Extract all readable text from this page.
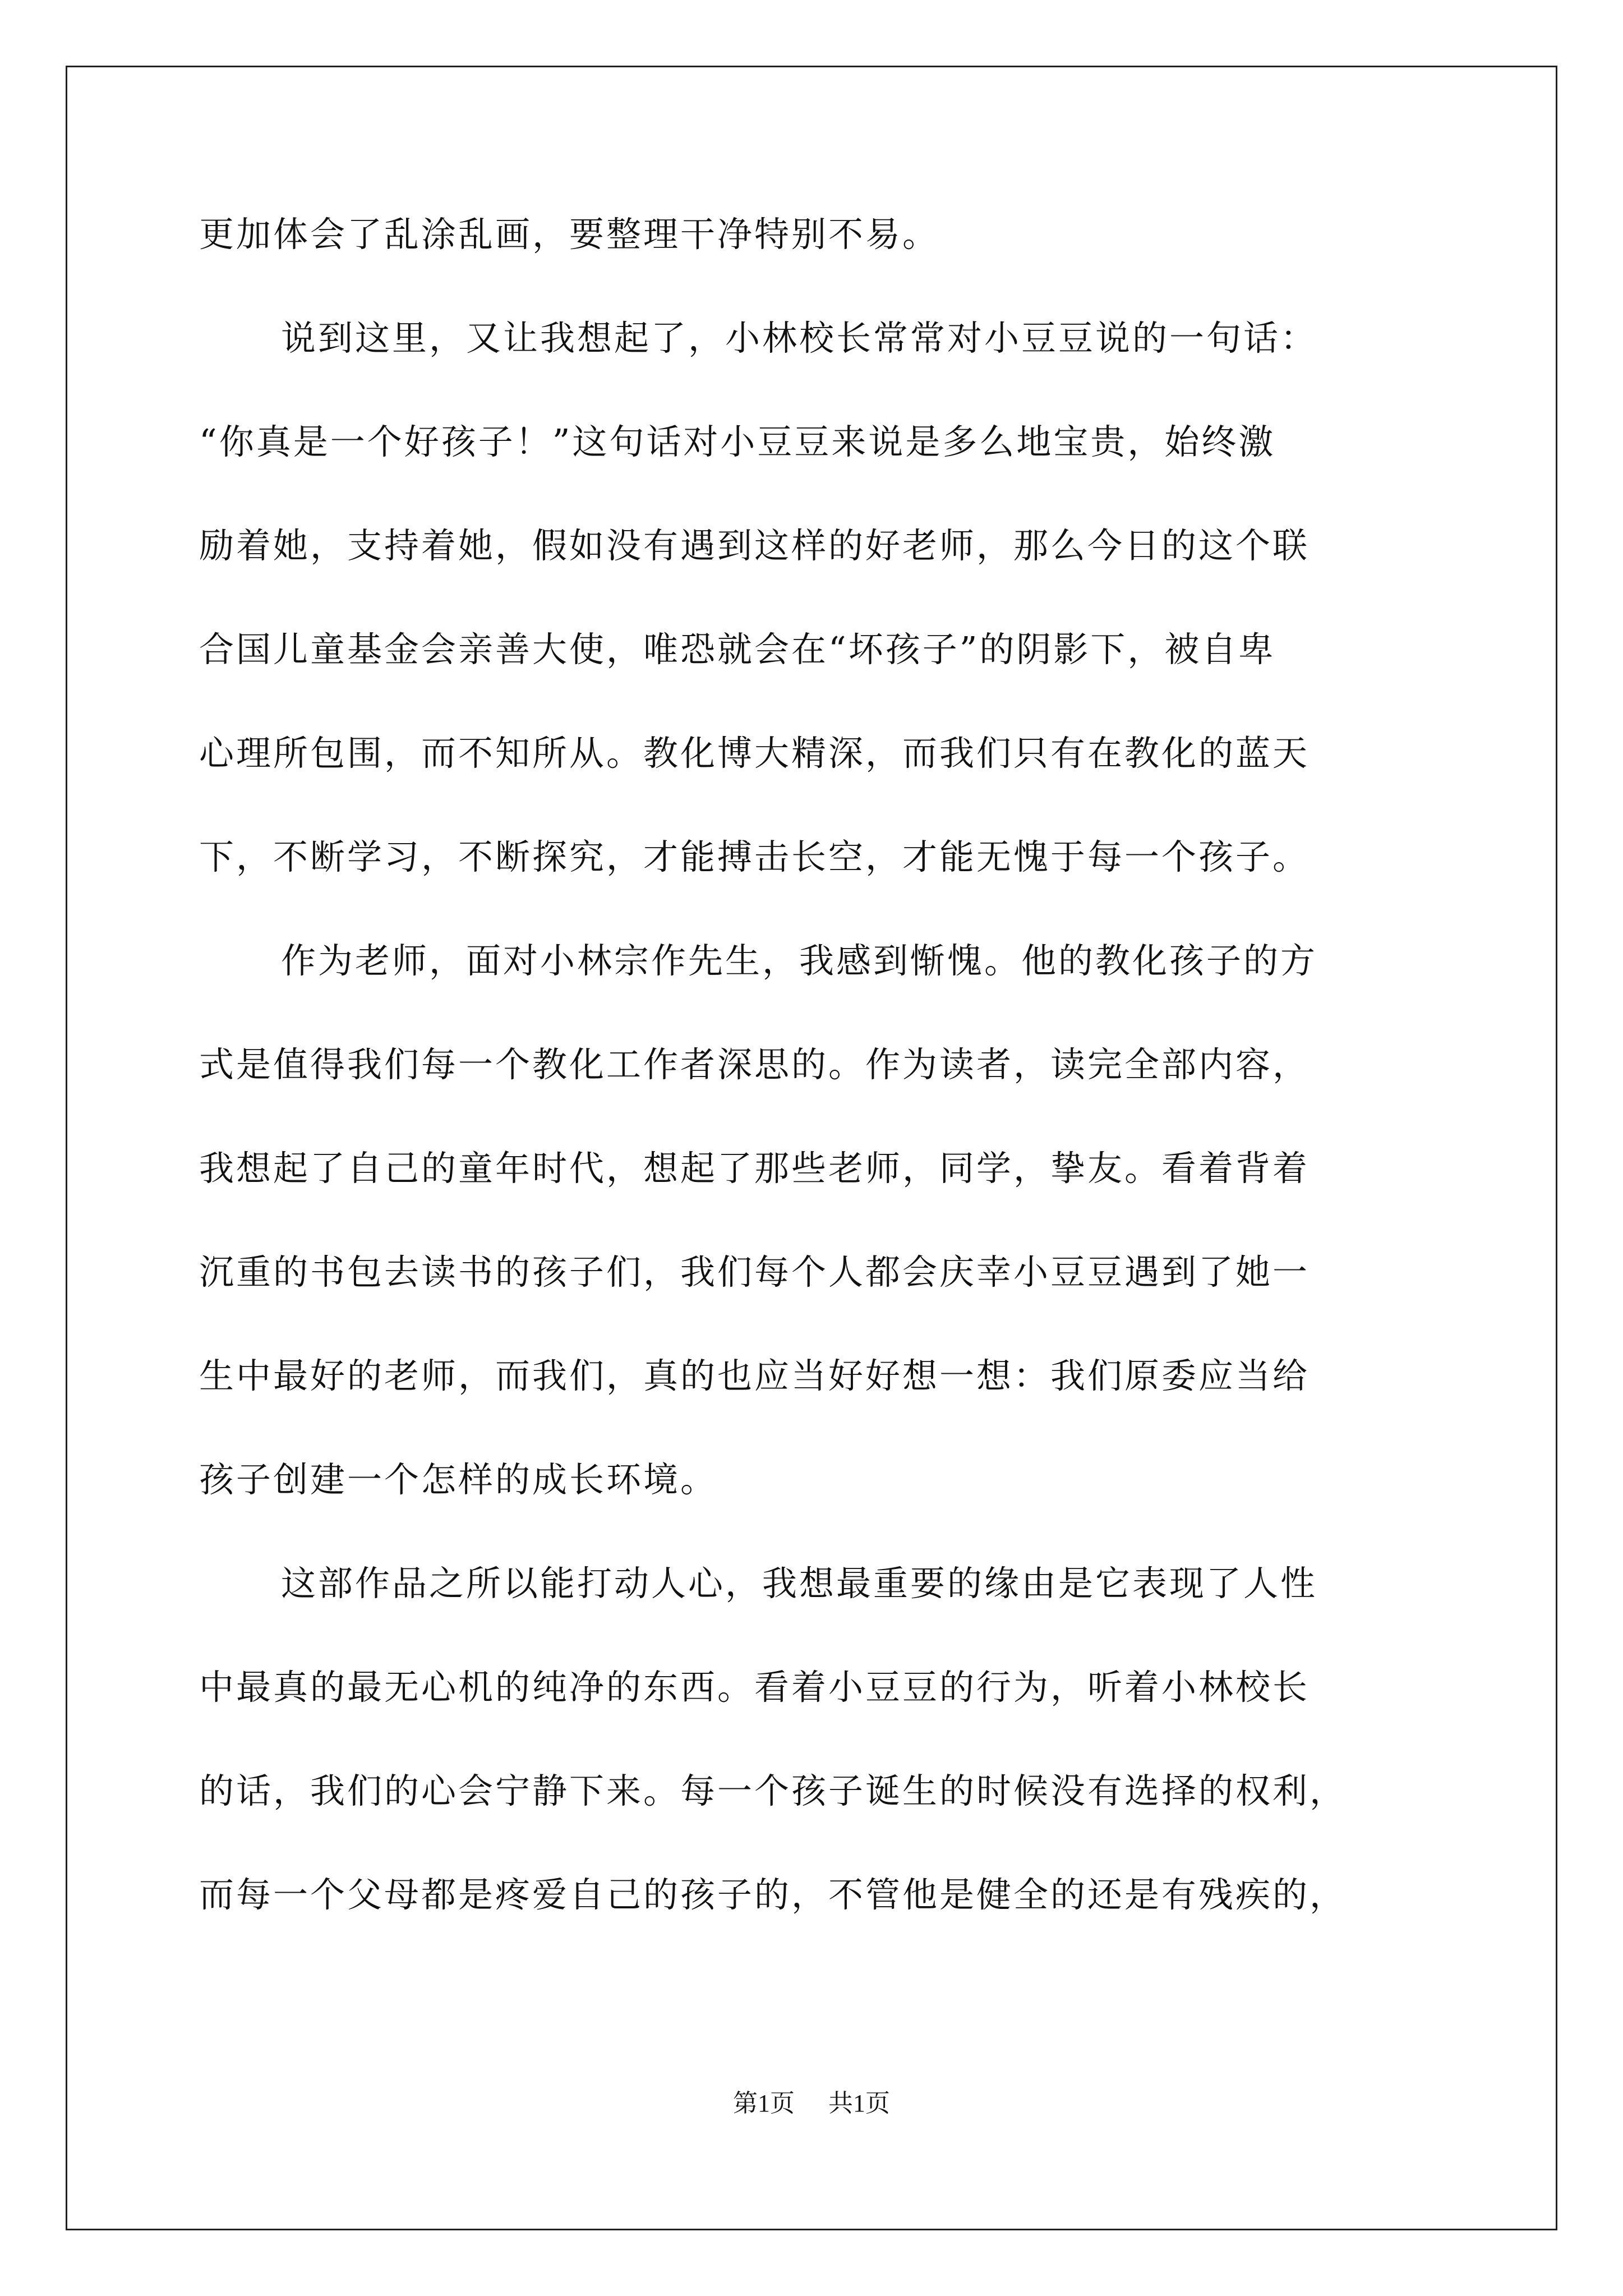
更加体会了乱涂乱画，要整理干净特别不易。
说到这里，又让我想起了，小林校长常常对小豆豆说的一句话：
“你真是一个好孩子！”这句话对小豆豆来说是多么地宝贵，始终激
励着她，支持着她，假如没有遇到这样的好老师，那么今日的这个联
合国儿童基金会亲善大使，唯恐就会在“坏孩子”的阴影下，被自卑
心理所包围，而不知所从。教化博大精深，而我们只有在教化的蓝天
下，不断学习，不断探究，才能搏击长空，才能无愧于每一个孩子。
作为老师，面对小林宗作先生，我感到惭愧。他的教化孩子的方
式是值得我们每一个教化工作者深思的。作为读者，读完全部内容，
我想起了自己的童年时代，想起了那些老师，同学，挚友。看着背着
沉重的书包去读书的孩子们，我们每个人都会庆幸小豆豆遇到了她一
生中最好的老师，而我们，真的也应当好好想一想：我们原委应当给
孩子创建一个怎样的成长环境。
这部作品之所以能打动人心，我想最重要的缘由是它表现了人性
中最真的最无心机的纯净的东西。看着小豆豆的行为，听着小林校长
的话，我们的心会宁静下来。每一个孩子诞生的时候没有选择的权利，
而每一个父母都是疼爱自己的孩子的，不管他是健全的还是有残疾的，
第1页 共1页
